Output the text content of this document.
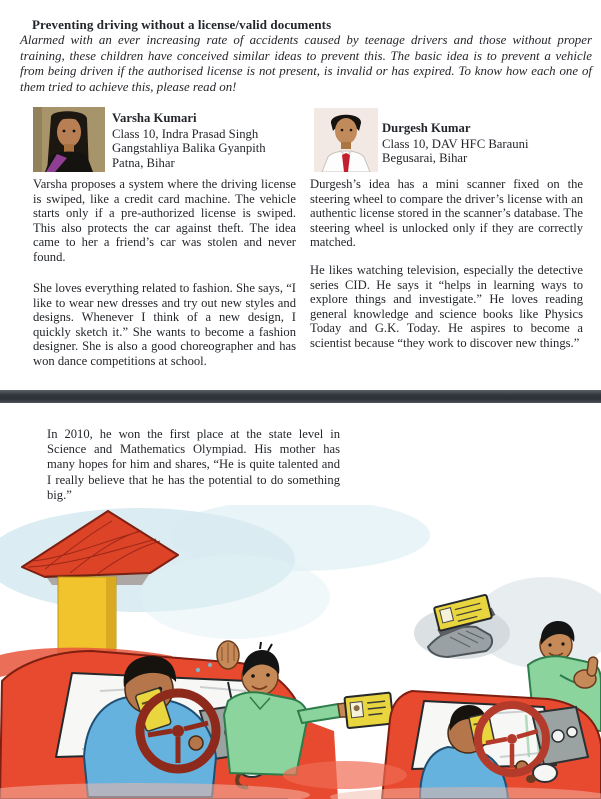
Preventing driving without a license/valid documents

Alarmed with an ever increasing rate of accidents caused by teenage drivers and those without proper training, these children have conceived similar ideas to prevent this. The basic idea is to prevent a vehicle from being driven if the authorised license is not present, is invalid or has expired. To know how each one of them tried to achieve this, please read on!

Varsha Kumari
Class 10, Indra Prasad Singh
Gangstahliya Balika Gyanpith
Patna, Bihar
Durgesh Kumar
Class 10, DAV HFC Barauni
Begusarai, Bihar

Varsha proposes a system where the driving license is swiped, like a credit card machine. The vehicle starts only if a pre-authorized license is swiped. This also protects the car against theft. The idea came to her a friend’s car was stolen and never found.

She loves everything related to fashion. She says, “I like to wear new dresses and try out new styles and designs. Whenever I think of a new design, I quickly sketch it.” She wants to become a fashion designer. She is also a good choreographer and has won dance competitions at school.

Durgesh’s idea has a mini scanner fixed on the steering wheel to compare the driver’s license with an authentic license stored in the scanner’s database. The steering wheel is unlocked only if they are correctly matched.

He likes watching television, especially the detective series CID. He says it “helps in learning ways to explore things and investigate.” He loves reading general knowledge and science books like Physics Today and G.K. Today. He aspires to become a scientist because “they work to discover new things.”

In 2010, he won the first place at the state level in Science and Mathematics Olympiad. His mother has many hopes for him and shares, “He is quite talented and I really believe that he has the potential to do something big.”
